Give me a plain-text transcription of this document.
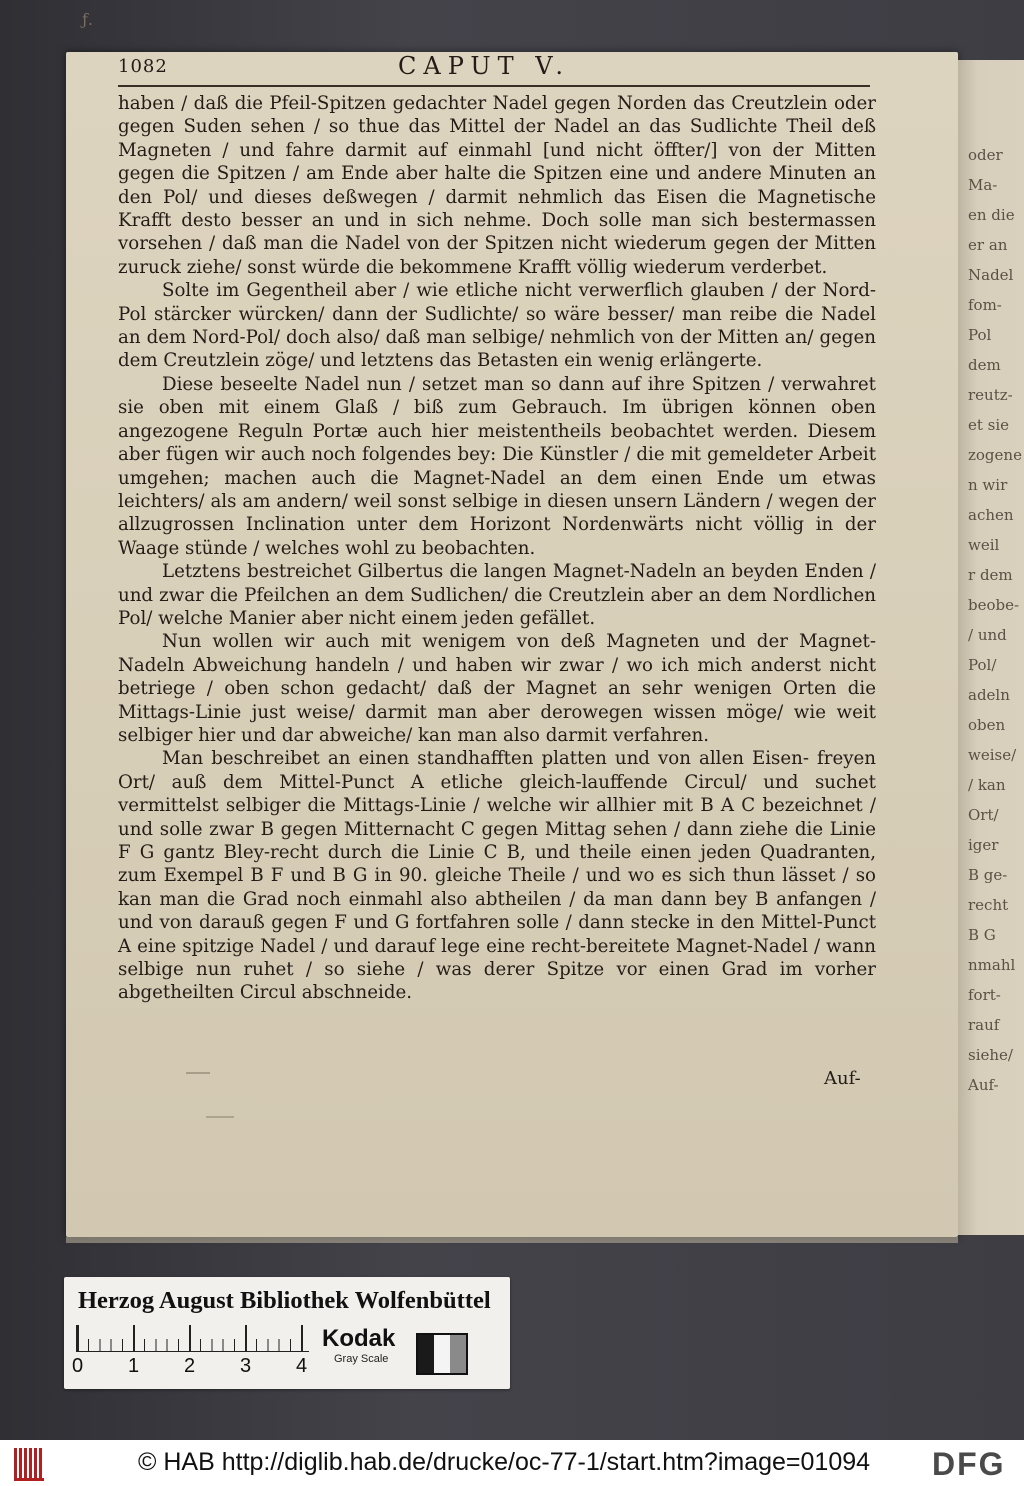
ƒ.
oder
Ma-
en die
er an
Nadel
fom-
Pol
dem
reutz-
et sie
zogene
n wir
achen
weil
r dem
beobe-
/ und
Pol/
adeln
oben
weise/
/ kan
Ort/
iger
B ge-
recht
B G
nmahl
fort-
rauf
siehe/
Auf-
1082	CAPUT V.

haben / daß die Pfeil-Spitzen gedachter Nadel gegen Norden das Creutzlein oder gegen Suden sehen / so thue das Mittel der Nadel an das Sudlichte Theil deß Magneten / und fahre darmit auf einmahl [und nicht öffter/] von der Mitten gegen die Spitzen / am Ende aber halte die Spitzen eine und andere Minuten an den Pol/ und dieses deßwegen / darmit nehmlich das Eisen die Magnetische Krafft desto besser an und in sich nehme. Doch solle man sich bestermassen vorsehen / daß man die Nadel von der Spitzen nicht wiederum gegen der Mitten zuruck ziehe/ sonst würde die bekommene Krafft völlig wiederum verderbet.

Solte im Gegentheil aber / wie etliche nicht verwerflich glauben / der Nord-Pol stärcker würcken/ dann der Sudlichte/ so wäre besser/ man reibe die Nadel an dem Nord-Pol/ doch also/ daß man selbige/ nehmlich von der Mitten an/ gegen dem Creutzlein zöge/ und letztens das Betasten ein wenig erlängerte.

Diese beseelte Nadel nun / setzet man so dann auf ihre Spitzen / verwahret sie oben mit einem Glaß / biß zum Gebrauch. Im übrigen können oben angezogene Reguln Portæ auch hier meistentheils beobachtet werden. Diesem aber fügen wir auch noch folgendes bey: Die Künstler / die mit gemeldeter Arbeit umgehen; machen auch die Magnet-Nadel an dem einen Ende um etwas leichters/ als am andern/ weil sonst selbige in diesen unsern Ländern / wegen der allzugrossen Inclination unter dem Horizont Nordenwärts nicht völlig in der Waage stünde / welches wohl zu beobachten.

Letztens bestreichet Gilbertus die langen Magnet-Nadeln an beyden Enden / und zwar die Pfeilchen an dem Sudlichen/ die Creutzlein aber an dem Nordlichen Pol/ welche Manier aber nicht einem jeden gefället.

Nun wollen wir auch mit wenigem von deß Magneten und der Magnet-Nadeln Abweichung handeln / und haben wir zwar / wo ich mich anderst nicht betriege / oben schon gedacht/ daß der Magnet an sehr wenigen Orten die Mittags-Linie just weise/ darmit man aber derowegen wissen möge/ wie weit selbiger hier und dar abweiche/ kan man also darmit verfahren.

Man beschreibet an einen standhafften platten und von allen Eisen- freyen Ort/ auß dem Mittel-Punct A etliche gleich-lauffende Circul/ und suchet vermittelst selbiger die Mittags-Linie / welche wir allhier mit B A C bezeichnet / und solle zwar B gegen Mitternacht C gegen Mittag sehen / dann ziehe die Linie F G gantz Bley-recht durch die Linie C B, und theile einen jeden Quadranten, zum Exempel B F und B G in 90. gleiche Theile / und wo es sich thun lässet / so kan man die Grad noch einmahl also abtheilen / da man dann bey B anfangen / und von darauß gegen F und G fortfahren solle / dann stecke in den Mittel-Punct A eine spitzige Nadel / und darauf lege eine recht-bereitete Magnet-Nadel / wann selbige nun ruhet / so siehe / was derer Spitze vor einen Grad im vorher abgetheilten Circul abschneide.

Auf-
Herzog August Bibliothek Wolfenbüttel
0 1 2 3 4
Kodak
Gray Scale
© HAB http://diglib.hab.de/drucke/oc-77-1/start.htm?image=01094 DFG
